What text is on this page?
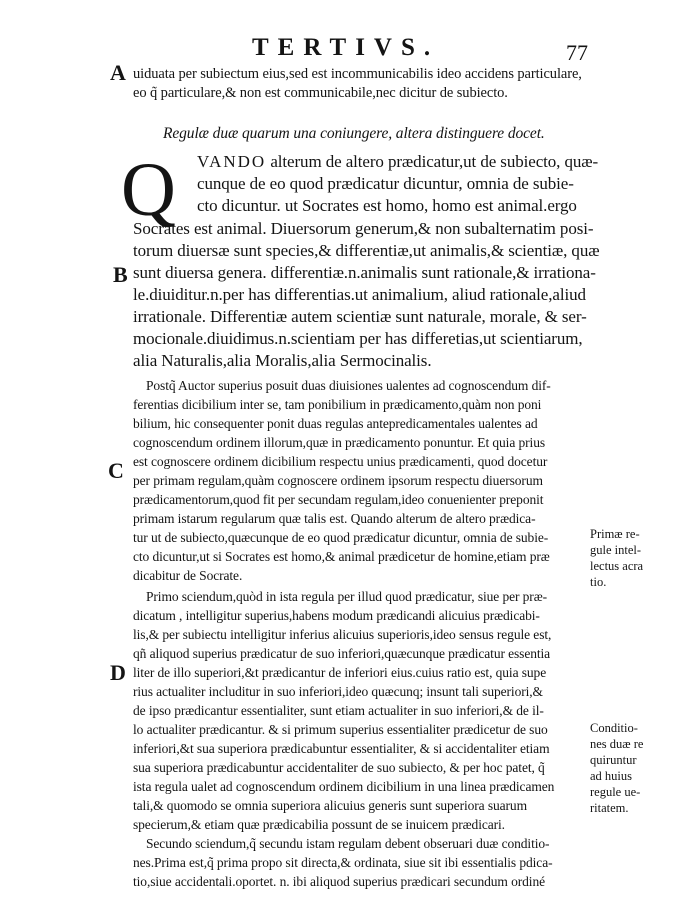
TERTIVS.	77
A
B
C
D
uiduata per subiectum eius,sed est incommunicabilis ideo accidens particulare,
eo q̃ particulare,& non est communicabile,nec dicitur de subiecto.
Regulæ duæ quarum una coniungere, altera distinguere docet.
Q VANDO alterum de altero prædicatur,ut de subiecto, quæ-
cunque de eo quod prædicatur dicuntur, omnia de subie-
cto dicuntur. ut Socrates est homo, homo est animal.ergo
Socrates est animal. Diuersorum generum,& non subalternatim posi-
torum diuersæ sunt species,& differentiæ,ut animalis,& scientiæ, quæ
sunt diuersa genera. differentiæ.n.animalis sunt rationale,& irrationa-
le.diuiditur.n.per has differentias.ut animalium, aliud rationale,aliud
irrationale. Differentiæ autem scientiæ sunt naturale, morale, & ser-
mocionale.diuidimus.n.scientiam per has differetias,ut scientiarum,
alia Naturalis,alia Moralis,alia Sermocinalis.
Postq̃ Auctor superius posuit duas diuisiones ualentes ad cognoscendum dif-
ferentias dicibilium inter se, tam ponibilium in prædicamento,quàm non poni
bilium, hic consequenter ponit duas regulas antepredicamentales ualentes ad
cognoscendum ordinem illorum,quæ in prædicamento ponuntur. Et quia prius
est cognoscere ordinem dicibilium respectu unius prædicamenti, quod docetur
per primam regulam,quàm cognoscere ordinem ipsorum respectu diuersorum
prædicamentorum,quod fit per secundam regulam,ideo conuenienter preponit
primam istarum regularum quæ talis est. Quando alterum de altero prædica-
tur ut de subiecto,quæcunque de eo quod prædicatur dicuntur, omnia de subie-
cto dicuntur,ut si Socrates est homo,& animal prædicetur de homine,etiam præ
dicabitur de Socrate.
Primo sciendum,quòd in ista regula per illud quod prædicatur, siue per præ-
dicatum , intelligitur superius,habens modum prædicandi alicuius prædicabi-
lis,& per subiectu intelligitur inferius alicuius superioris,ideo sensus regule est,
qñ aliquod superius prædicatur de suo inferiori,quæcunque prædicatur essentia
liter de illo superiori,&t prædicantur de inferiori eius.cuius ratio est, quia supe
rius actualiter includitur in suo inferiori,ideo quæcunq; insunt tali superiori,&
de ipso prædicantur essentialiter, sunt etiam actualiter in suo inferiori,& de il-
lo actualiter prædicantur. & si primum superius essentialiter prædicetur de suo
inferiori,&t sua superiora prædicabuntur essentialiter, & si accidentaliter etiam
sua superiora prædicabuntur accidentaliter de suo subiecto, & per hoc patet, q̃
ista regula ualet ad cognoscendum ordinem dicibilium in una linea prædicamen
tali,& quomodo se omnia superiora alicuius generis sunt superiora suarum
specierum,& etiam quæ prædicabilia possunt de se inuicem prædicari.
Secundo sciendum,q̃ secundu istam regulam debent obseruari duæ conditio-
nes.Prima est,q̃ prima propo sit directa,& ordinata, siue sit ibi essentialis pdica-
tio,siue accidentali.oportet. n. ibi aliquod superius prædicari secundum ordiné
Primæ re-
gule intel-
lectus acra
tio.
Conditio-
nes duæ re
quiruntur
ad huius
regule ue-
ritatem.
